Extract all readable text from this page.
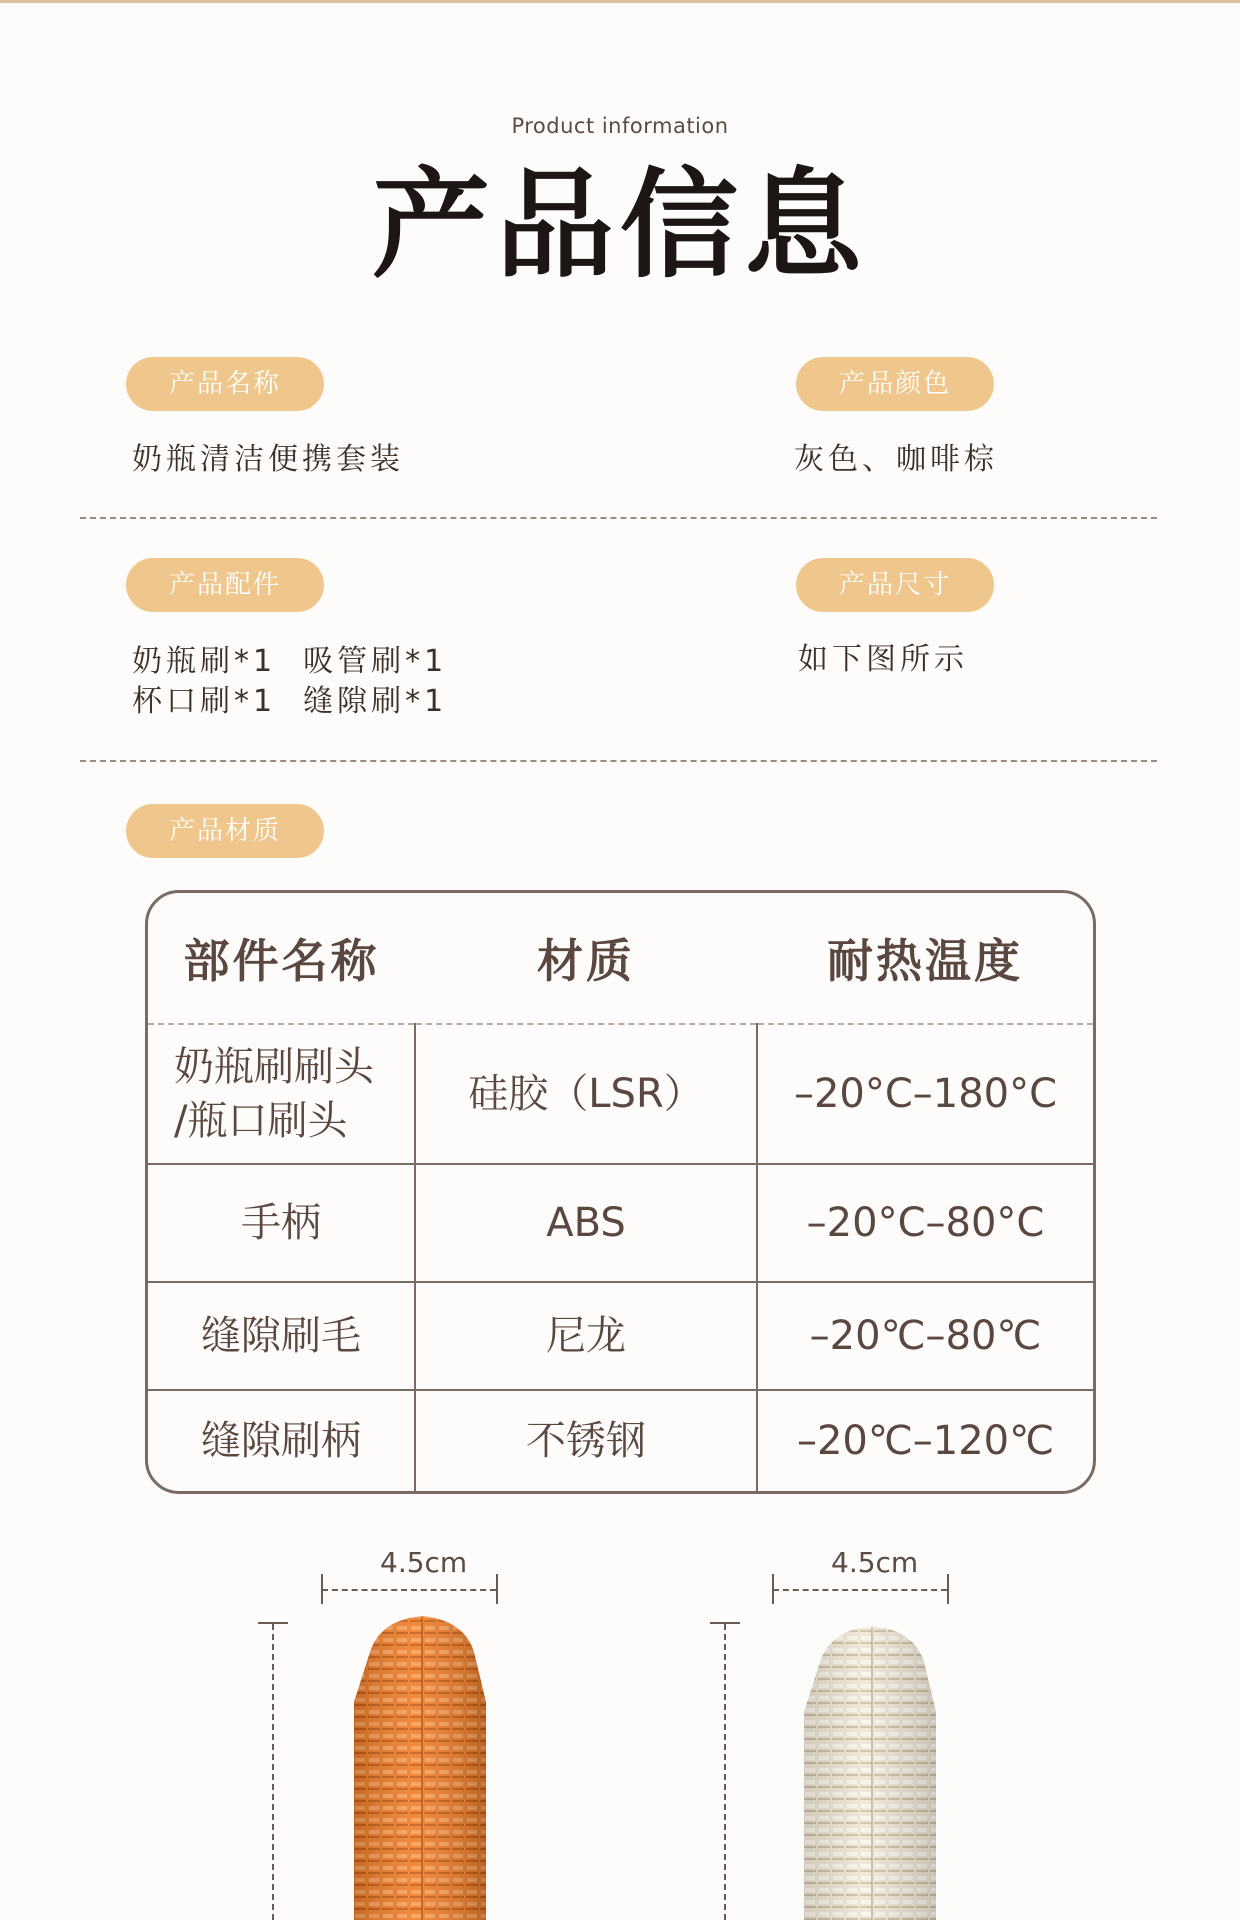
Product information
产品信息
产品名称
奶瓶清洁便携套装
产品颜色
灰色、咖啡棕
产品配件
奶瓶刷*1  吸管刷*1
杯口刷*1  缝隙刷*1
产品尺寸
如下图所示
产品材质
部件名称	材质	耐热温度

奶瓶刷刷头
/瓶口刷头	硅胶（LSR）	–20°C–180°C
手柄	ABS	–20°C–80°C
缝隙刷毛	尼龙	–20℃–80℃
缝隙刷柄	不锈钢	–20℃–120℃
4.5cm	4.5cm
